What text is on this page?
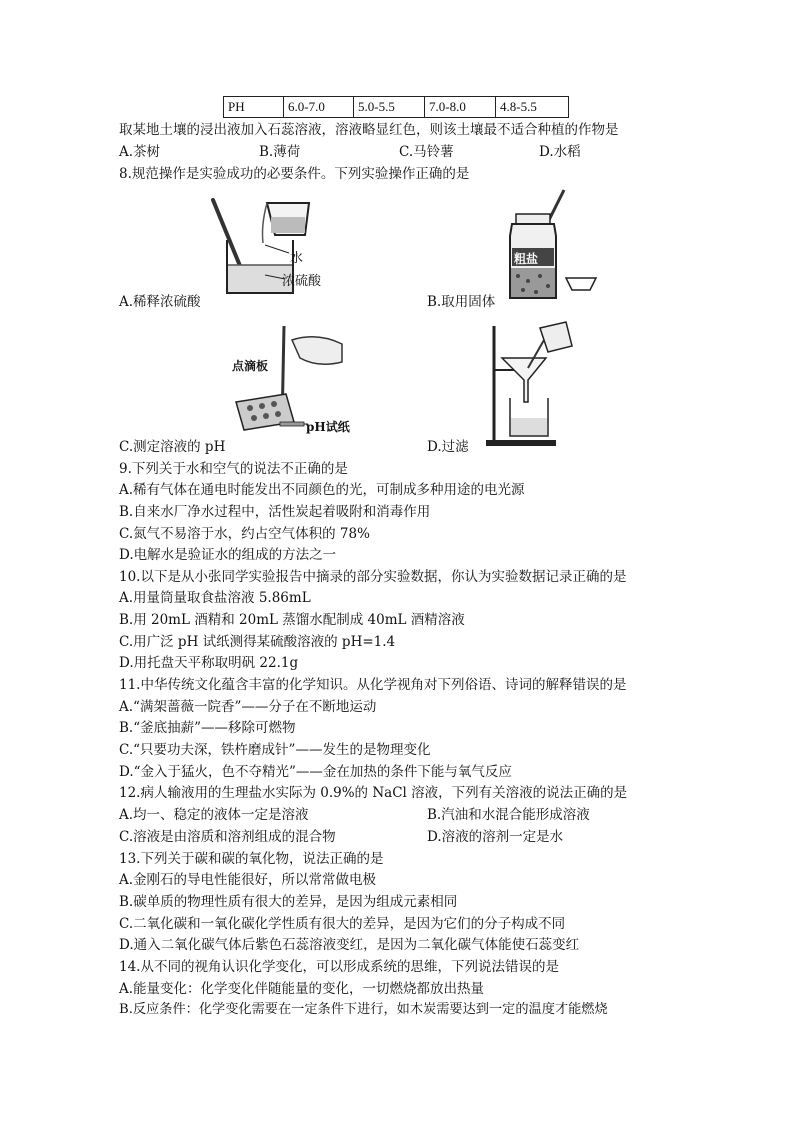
PH	6.0-7.0	5.0-5.5	7.0-8.0	4.8-5.5
取某地土壤的浸出液加入石蕊溶液，溶液略显红色，则该土壤最不适合种植的作物是
A.茶树	B.薄荷	C.马铃薯	D.水稻
8.规范操作是实验成功的必要条件。下列实验操作正确的是
水
浓硫酸
粗盐
A.稀释浓硫酸	B.取用固体
点滴板
pH试纸
C.测定溶液的 pH	D.过滤
9.下列关于水和空气的说法不正确的是
A.稀有气体在通电时能发出不同颜色的光，可制成多种用途的电光源
B.自来水厂净水过程中，活性炭起着吸附和消毒作用
C.氮气不易溶于水，约占空气体积的 78%
D.电解水是验证水的组成的方法之一
10.以下是从小张同学实验报告中摘录的部分实验数据，你认为实验数据记录正确的是
A.用量筒量取食盐溶液 5.86mL
B.用 20mL 酒精和 20mL 蒸馏水配制成 40mL 酒精溶液
C.用广泛 pH 试纸测得某硫酸溶液的 pH=1.4
D.用托盘天平称取明矾 22.1g
11.中华传统文化蕴含丰富的化学知识。从化学视角对下列俗语、诗词的解释错误的是
A.“满架蔷薇一院香”——分子在不断地运动
B.“釜底抽薪”——移除可燃物
C.“只要功夫深，铁杵磨成针”——发生的是物理变化
D.“金入于猛火，色不夺精光”——金在加热的条件下能与氧气反应
12.病人输液用的生理盐水实际为 0.9%的 NaCl 溶液，下列有关溶液的说法正确的是
A.均一、稳定的液体一定是溶液	B.汽油和水混合能形成溶液
C.溶液是由溶质和溶剂组成的混合物	D.溶液的溶剂一定是水
13.下列关于碳和碳的氧化物，说法正确的是
A.金刚石的导电性能很好，所以常常做电极
B.碳单质的物理性质有很大的差异，是因为组成元素相同
C.二氧化碳和一氧化碳化学性质有很大的差异，是因为它们的分子构成不同
D.通入二氧化碳气体后紫色石蕊溶液变红，是因为二氧化碳气体能使石蕊变红
14.从不同的视角认识化学变化，可以形成系统的思维，下列说法错误的是
A.能量变化：化学变化伴随能量的变化，一切燃烧都放出热量
B.反应条件：化学变化需要在一定条件下进行，如木炭需要达到一定的温度才能燃烧
